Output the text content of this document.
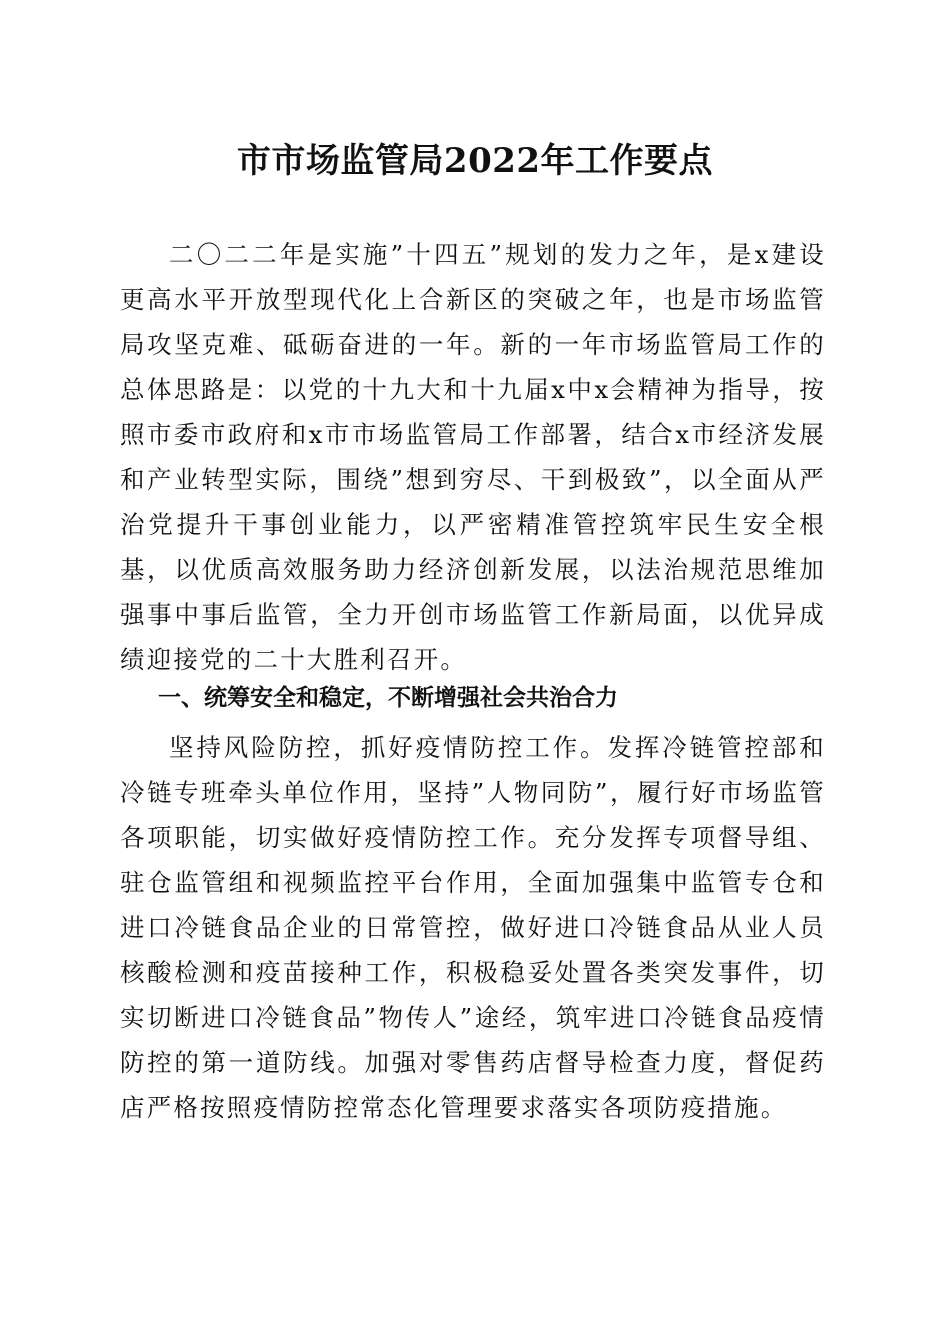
市市场监管局2022年工作要点

二〇二二年是实施”十四五”规划的发力之年，是x建设更高水平开放型现代化上合新区的突破之年，也是市场监管局攻坚克难、砥砺奋进的一年。新的一年市场监管局工作的总体思路是：以党的十九大和十九届x中x会精神为指导，按照市委市政府和x市市场监管局工作部署，结合x市经济发展和产业转型实际，围绕”想到穷尽、干到极致”，以全面从严治党提升干事创业能力，以严密精准管控筑牢民生安全根基，以优质高效服务助力经济创新发展，以法治规范思维加强事中事后监管，全力开创市场监管工作新局面，以优异成绩迎接党的二十大胜利召开。

一、统筹安全和稳定，不断增强社会共治合力

坚持风险防控，抓好疫情防控工作。发挥冷链管控部和冷链专班牵头单位作用，坚持”人物同防”，履行好市场监管各项职能，切实做好疫情防控工作。充分发挥专项督导组、驻仓监管组和视频监控平台作用，全面加强集中监管专仓和进口冷链食品企业的日常管控，做好进口冷链食品从业人员核酸检测和疫苗接种工作，积极稳妥处置各类突发事件，切实切断进口冷链食品”物传人”途经，筑牢进口冷链食品疫情防控的第一道防线。加强对零售药店督导检查力度，督促药店严格按照疫情防控常态化管理要求落实各项防疫措施。
